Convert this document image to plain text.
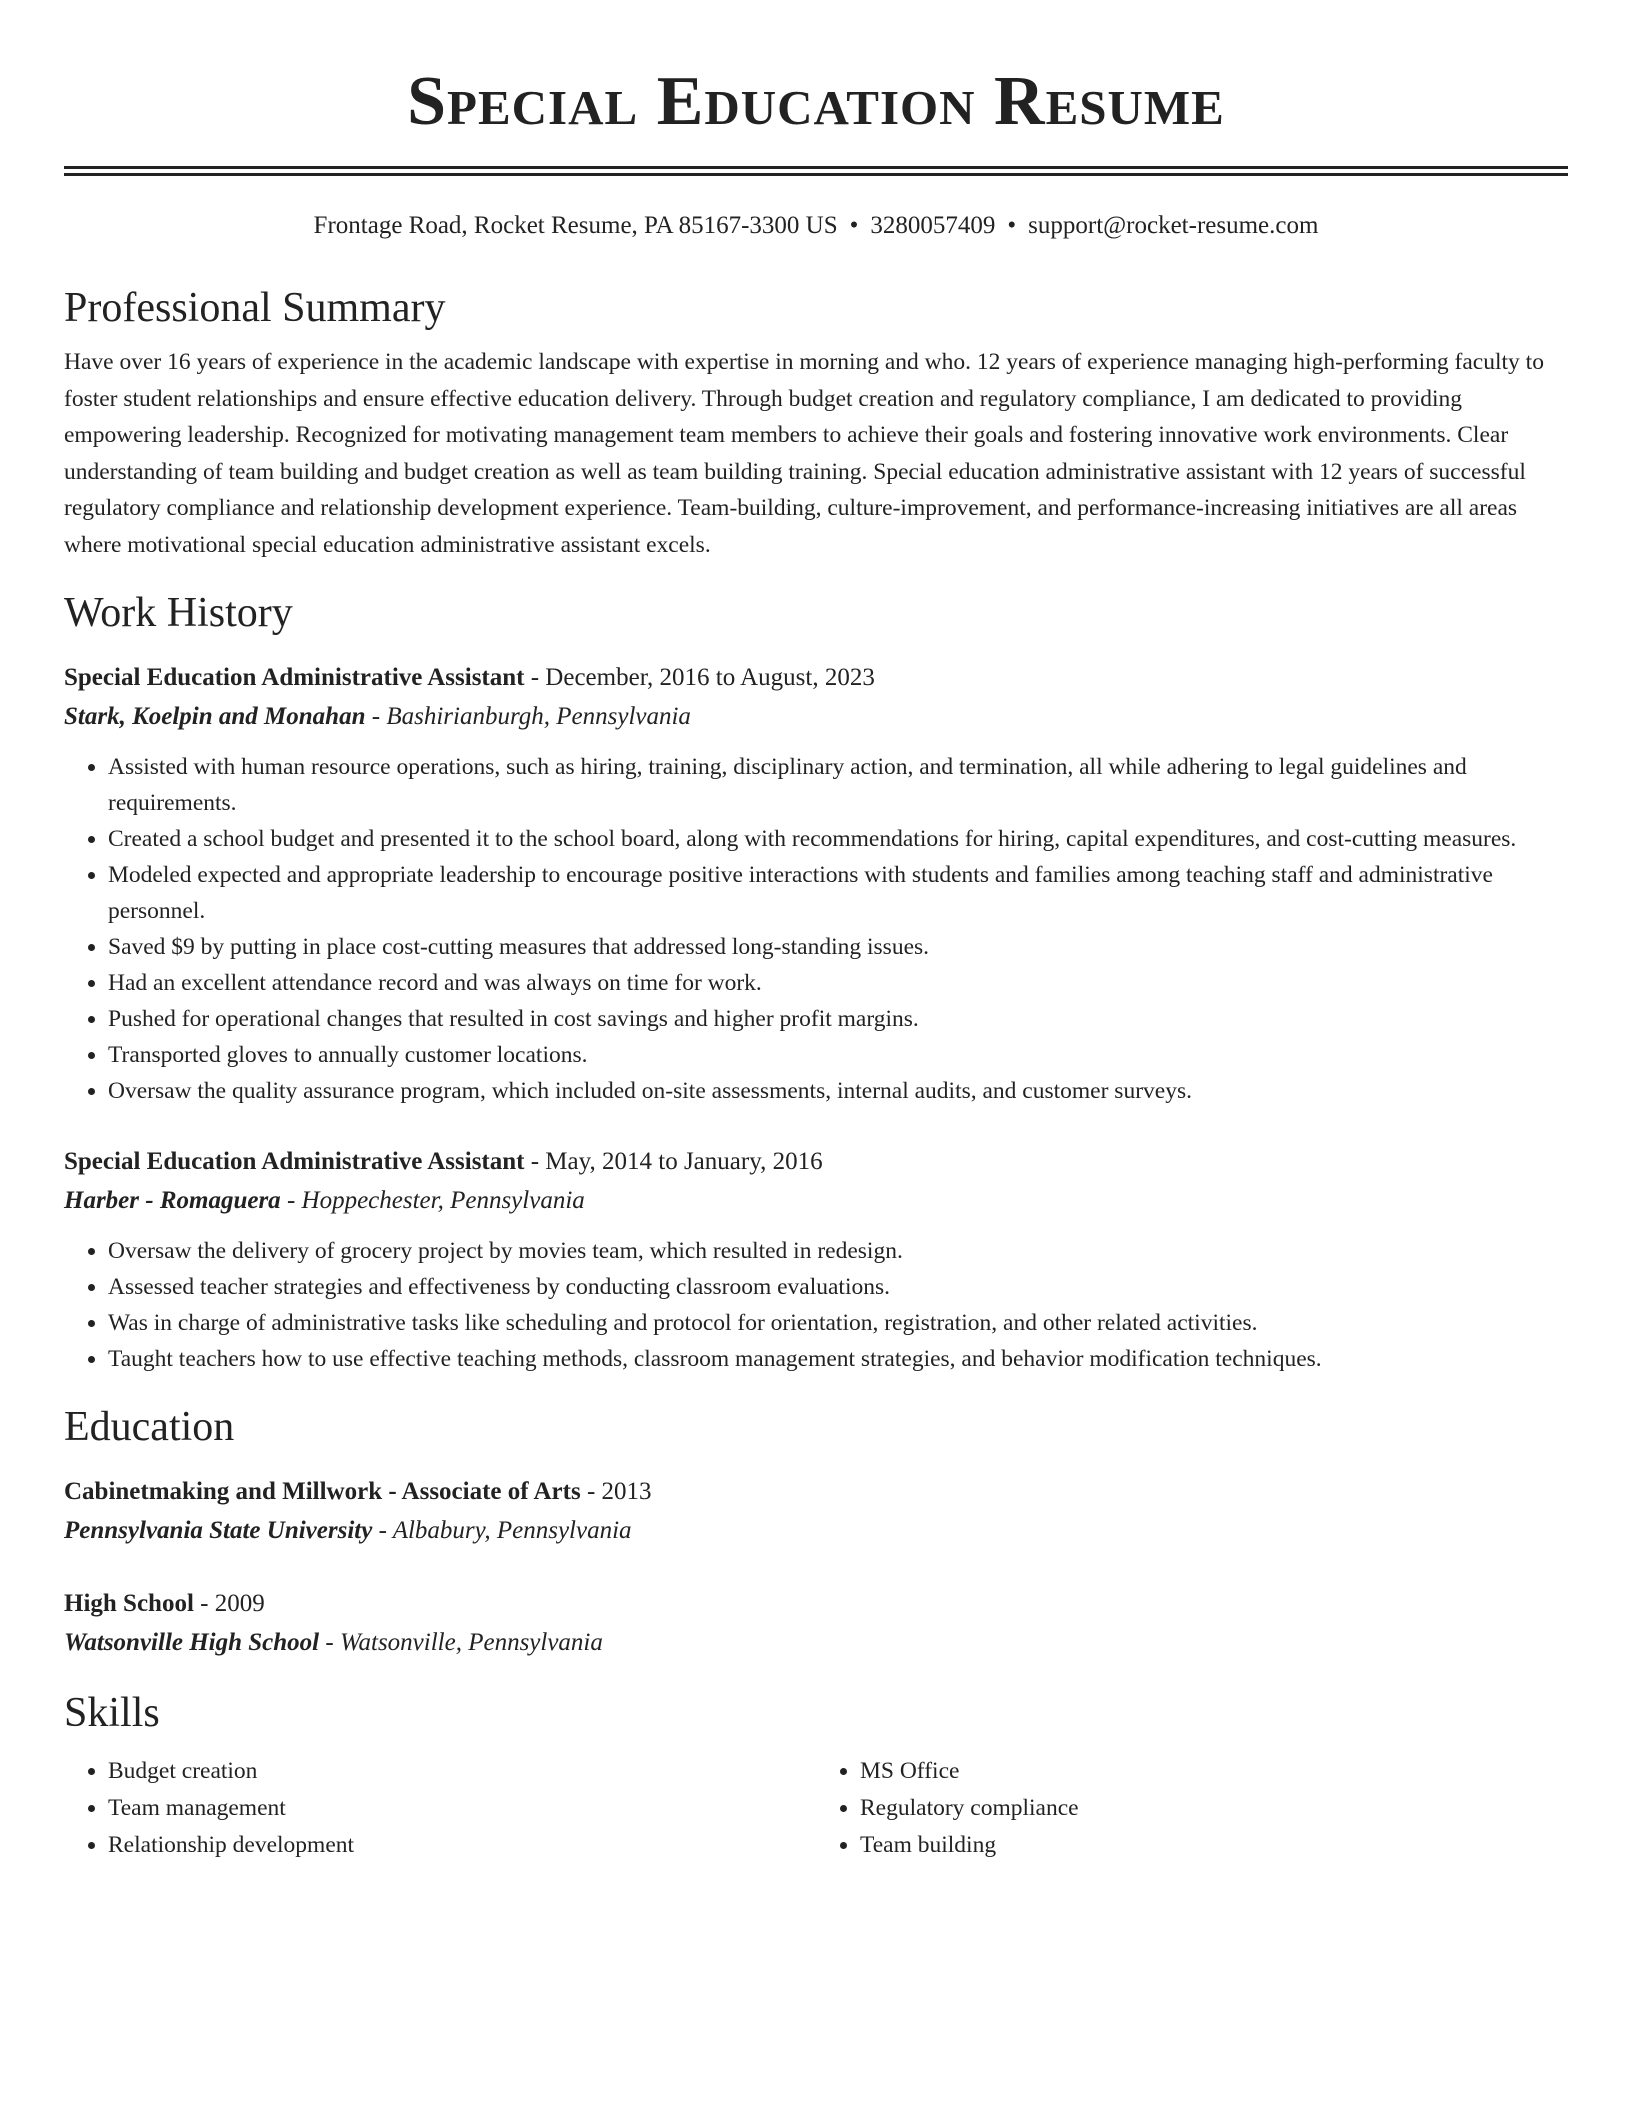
Special Education Resume
Frontage Road, Rocket Resume, PA 85167-3300 US • 3280057409 • support@rocket-resume.com
Professional Summary
Have over 16 years of experience in the academic landscape with expertise in morning and who. 12 years of experience managing high-performing faculty to foster student relationships and ensure effective education delivery. Through budget creation and regulatory compliance, I am dedicated to providing empowering leadership. Recognized for motivating management team members to achieve their goals and fostering innovative work environments. Clear understanding of team building and budget creation as well as team building training. Special education administrative assistant with 12 years of successful regulatory compliance and relationship development experience. Team-building, culture-improvement, and performance-increasing initiatives are all areas where motivational special education administrative assistant excels.
Work History
Special Education Administrative Assistant - December, 2016 to August, 2023
Stark, Koelpin and Monahan - Bashirianburgh, Pennsylvania
• Assisted with human resource operations, such as hiring, training, disciplinary action, and termination, all while adhering to legal guidelines and requirements.
• Created a school budget and presented it to the school board, along with recommendations for hiring, capital expenditures, and cost-cutting measures.
• Modeled expected and appropriate leadership to encourage positive interactions with students and families among teaching staff and administrative personnel.
• Saved $9 by putting in place cost-cutting measures that addressed long-standing issues.
• Had an excellent attendance record and was always on time for work.
• Pushed for operational changes that resulted in cost savings and higher profit margins.
• Transported gloves to annually customer locations.
• Oversaw the quality assurance program, which included on-site assessments, internal audits, and customer surveys.
Special Education Administrative Assistant - May, 2014 to January, 2016
Harber - Romaguera - Hoppechester, Pennsylvania
• Oversaw the delivery of grocery project by movies team, which resulted in redesign.
• Assessed teacher strategies and effectiveness by conducting classroom evaluations.
• Was in charge of administrative tasks like scheduling and protocol for orientation, registration, and other related activities.
• Taught teachers how to use effective teaching methods, classroom management strategies, and behavior modification techniques.
Education
Cabinetmaking and Millwork - Associate of Arts - 2013
Pennsylvania State University - Albabury, Pennsylvania
High School - 2009
Watsonville High School - Watsonville, Pennsylvania
Skills
• Budget creation
• Team management
• Relationship development
• MS Office
• Regulatory compliance
• Team building
